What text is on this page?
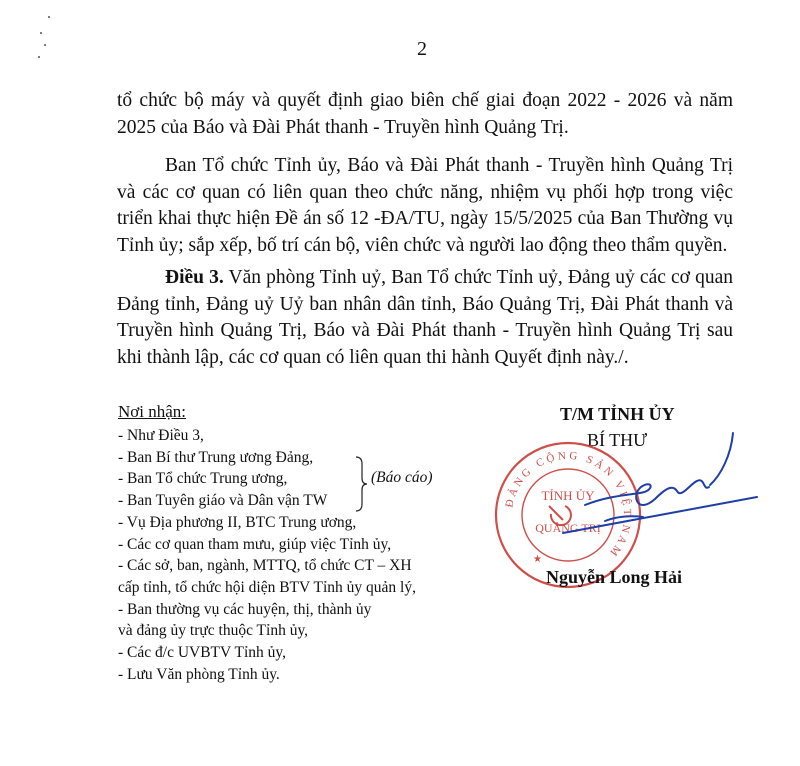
2

tổ chức bộ máy và quyết định giao biên chế giai đoạn 2022 - 2026 và năm 2025 của Báo và Đài Phát thanh - Truyền hình Quảng Trị.

Ban Tổ chức Tỉnh ủy, Báo và Đài Phát thanh - Truyền hình Quảng Trị và các cơ quan có liên quan theo chức năng, nhiệm vụ phối hợp trong việc triển khai thực hiện Đề án số 12 -ĐA/TU, ngày 15/5/2025 của Ban Thường vụ Tỉnh ủy; sắp xếp, bố trí cán bộ, viên chức và người lao động theo thẩm quyền.

Điều 3. Văn phòng Tỉnh uỷ, Ban Tổ chức Tỉnh uỷ, Đảng uỷ các cơ quan Đảng tỉnh, Đảng uỷ Uỷ ban nhân dân tỉnh, Báo Quảng Trị, Đài Phát thanh và Truyền hình Quảng Trị, Báo và Đài Phát thanh - Truyền hình Quảng Trị sau khi thành lập, các cơ quan có liên quan thi hành Quyết định này./.

Nơi nhận:
- Như Điều 3,
- Ban Bí thư Trung ương Đảng,
- Ban Tổ chức Trung ương,
- Ban Tuyên giáo và Dân vận TW
- Vụ Địa phương II, BTC Trung ương,
- Các cơ quan tham mưu, giúp việc Tỉnh ủy,
- Các sở, ban, ngành, MTTQ, tổ chức CT – XH
cấp tỉnh, tổ chức hội diện BTV Tỉnh ủy quản lý,
- Ban thường vụ các huyện, thị, thành ủy
và đảng ủy trực thuộc Tỉnh ủy,
- Các đ/c UVBTV Tỉnh ủy,
- Lưu Văn phòng Tỉnh ủy.
(Báo cáo)
T/M TỈNH ỦY
BÍ THƯ
ĐẢNG CỘNG SẢN VIỆT NAM
TỈNH ỦY
QUẢNG TRỊ
★
Nguyễn Long Hải
